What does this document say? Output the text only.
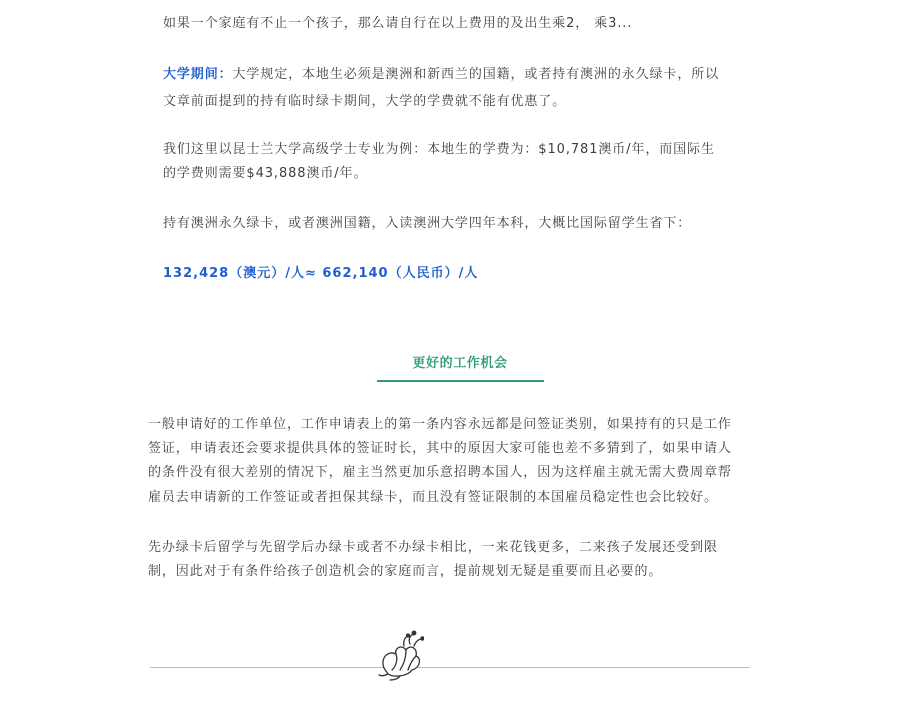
如果一个家庭有不止一个孩子，那么请自行在以上费用的及出生乘2， 乘3...

大学期间：大学规定，本地生必须是澳洲和新西兰的国籍，或者持有澳洲的永久绿卡，所以

文章前面提到的持有临时绿卡期间，大学的学费就不能有优惠了。

我们这里以昆士兰大学高级学士专业为例：本地生的学费为：$10,781澳币/年，而国际生

的学费则需要$43,888澳币/年。

持有澳洲永久绿卡，或者澳洲国籍，入读澳洲大学四年本科，大概比国际留学生省下：

132,428（澳元）/人≈ 662,140（人民币）/人

更好的工作机会

一般申请好的工作单位，工作申请表上的第一条内容永远都是问签证类别，如果持有的只是工作

签证，申请表还会要求提供具体的签证时长，其中的原因大家可能也差不多猜到了，如果申请人

的条件没有很大差别的情况下，雇主当然更加乐意招聘本国人，因为这样雇主就无需大费周章帮

雇员去申请新的工作签证或者担保其绿卡，而且没有签证限制的本国雇员稳定性也会比较好。

先办绿卡后留学与先留学后办绿卡或者不办绿卡相比，一来花钱更多，二来孩子发展还受到限

制，因此对于有条件给孩子创造机会的家庭而言，提前规划无疑是重要而且必要的。
